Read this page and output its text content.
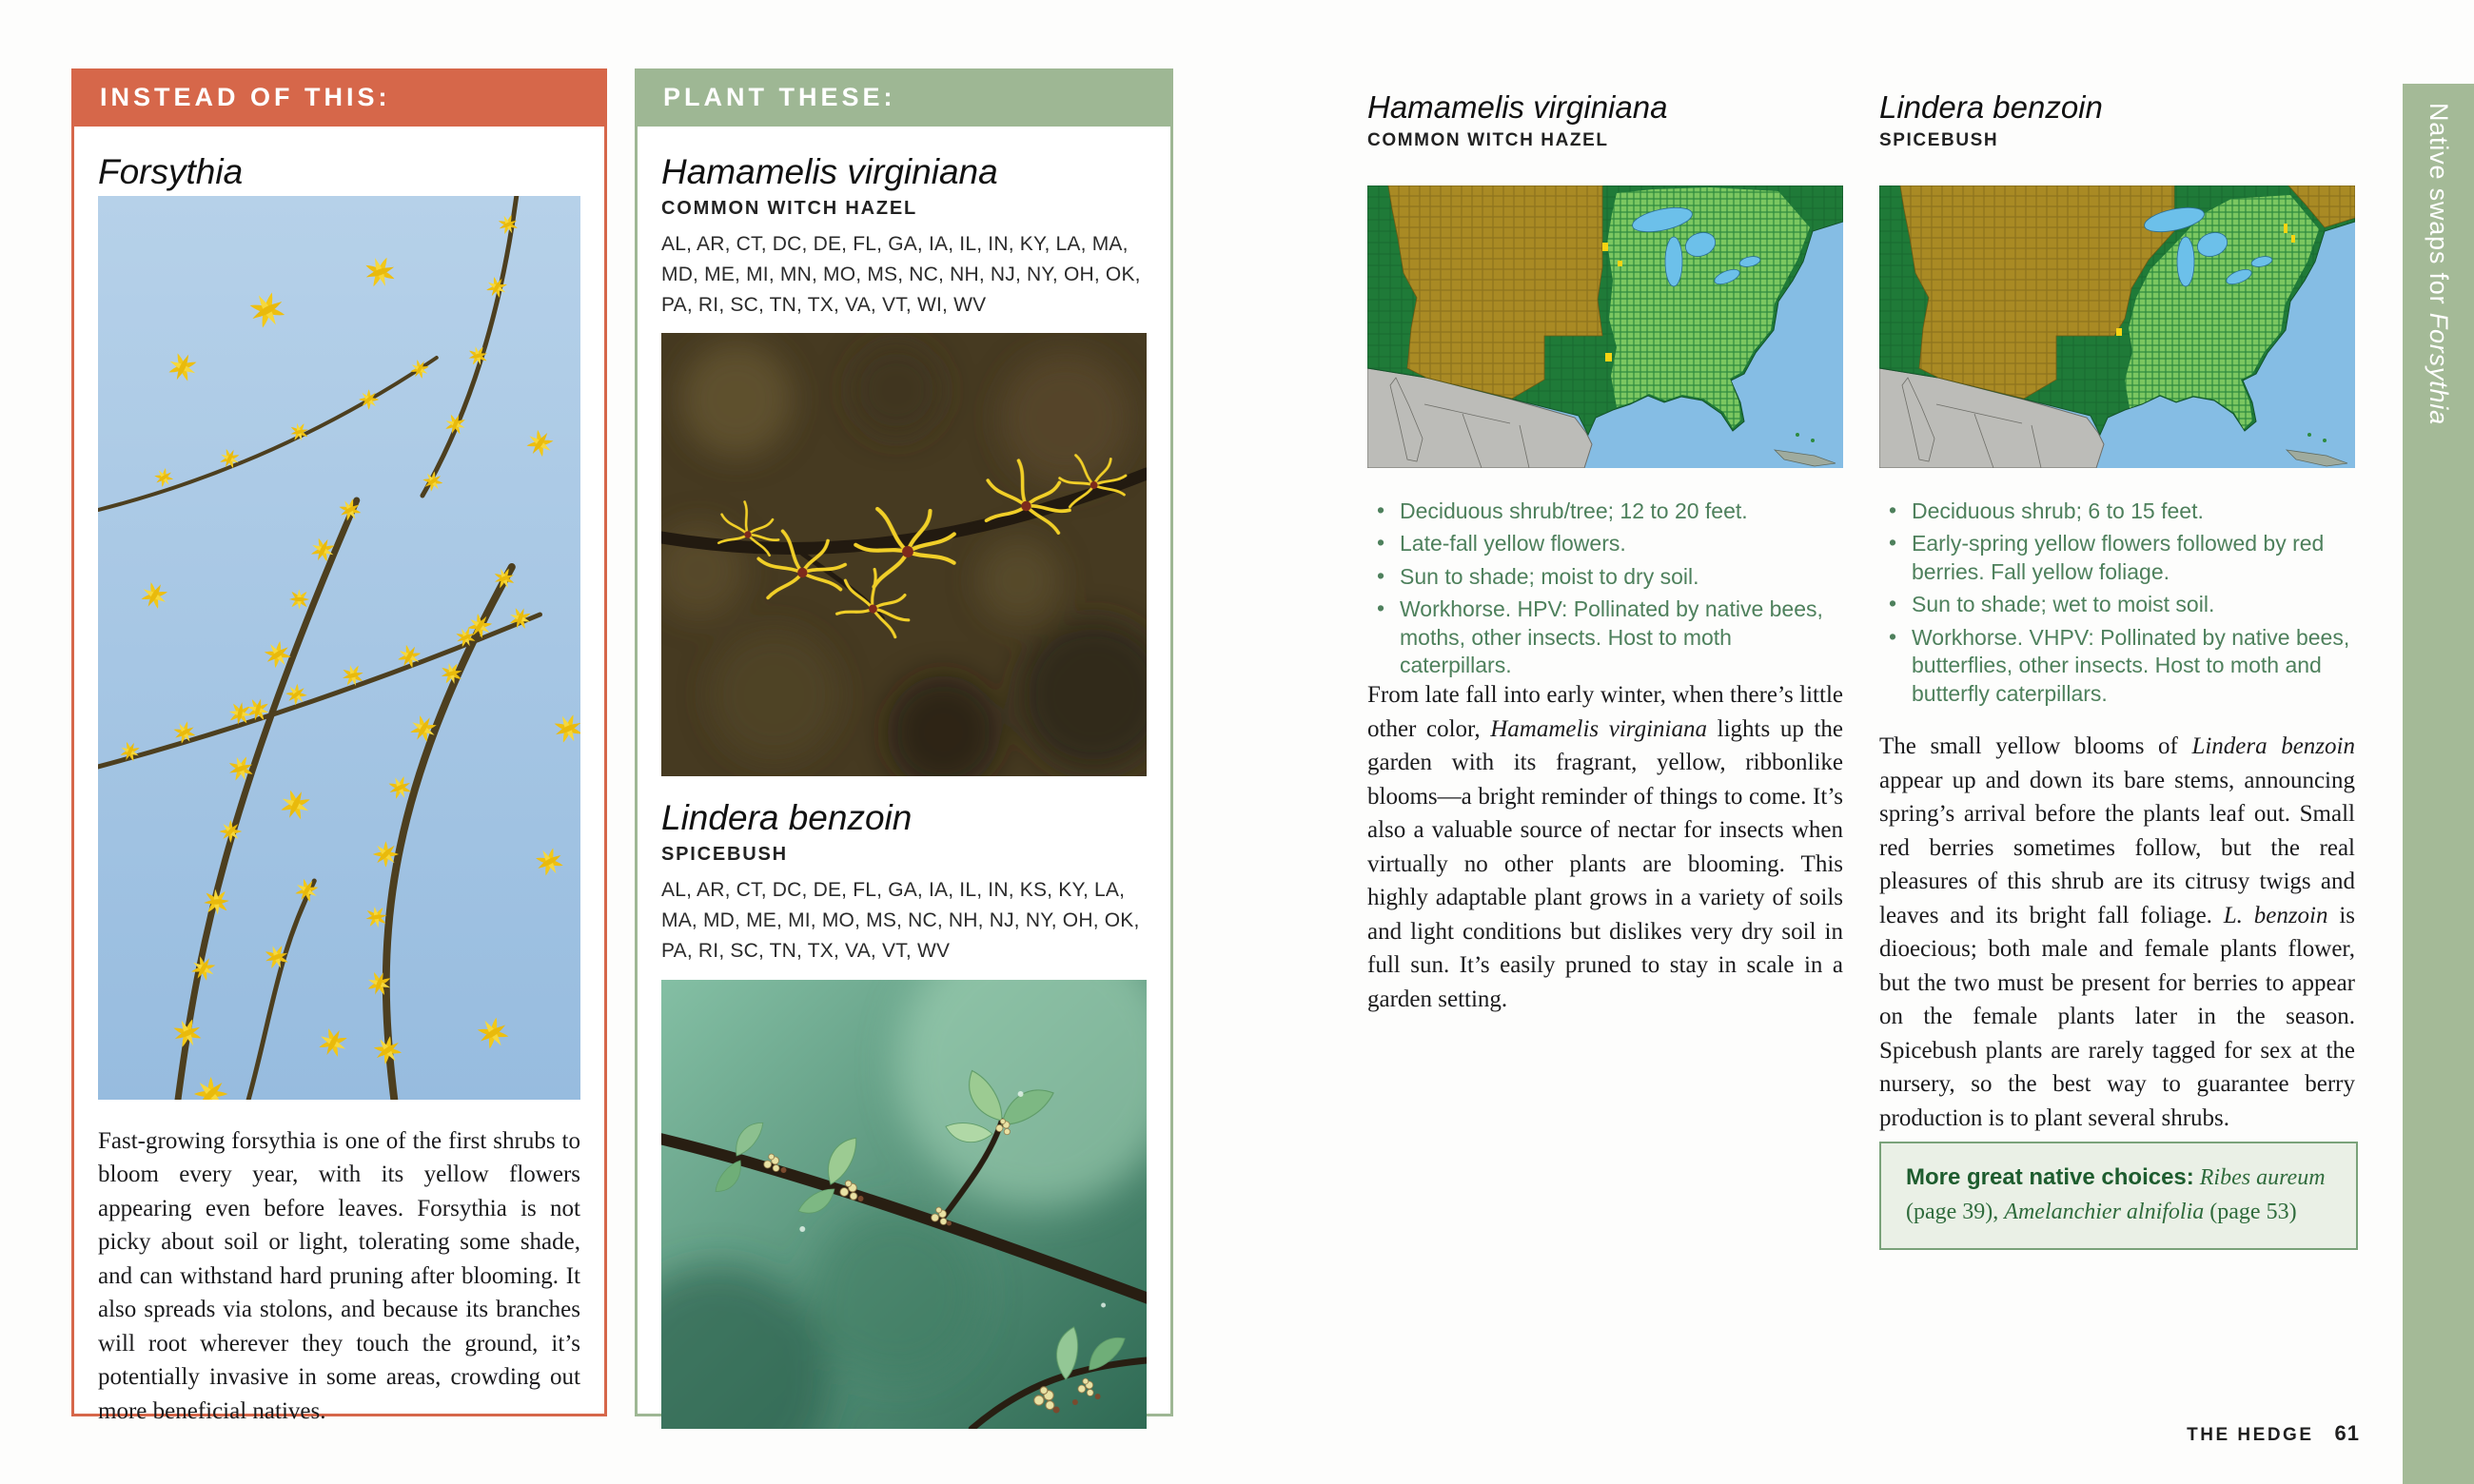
INSTEAD OF THIS:
Forsythia

Fast-growing forsythia is one of the first shrubs to bloom every year, with its yellow flowers appearing even before leaves. Forsythia is not picky about soil or light, tolerating some shade, and can withstand hard pruning after blooming. It also spreads via stolons, and because its branches will root wherever they touch the ground, it’s potentially invasive in some areas, crowding out more beneficial natives.

PLANT THESE:
Hamamelis virginiana
COMMON WITCH HAZEL
AL, AR, CT, DC, DE, FL, GA, IA, IL, IN, KY, LA, MA, MD, ME, MI, MN, MO, MS, NC, NH, NJ, NY, OH, OK, PA, RI, SC, TN, TX, VA, VT, WI, WV
Lindera benzoin
SPICEBUSH
AL, AR, CT, DC, DE, FL, GA, IA, IL, IN, KS, KY, LA, MA, MD, ME, MI, MO, MS, NC, NH, NJ, NY, OH, OK, PA, RI, SC, TN, TX, VA, VT, WV
Hamamelis virginiana
COMMON WITCH HAZEL
• Deciduous shrub/tree; 12 to 20 feet.
• Late-fall yellow flowers.
• Sun to shade; moist to dry soil.
• Workhorse. HPV: Pollinated by native bees, moths, other insects. Host to moth caterpillars.

From late fall into early winter, when there’s little other color, Hamamelis virginiana lights up the garden with its fragrant, yellow, ribbonlike blooms—a bright reminder of things to come. It’s also a valuable source of nectar for insects when virtually no other plants are blooming. This highly adaptable plant grows in a variety of soils and light conditions but dislikes very dry soil in full sun. It’s easily pruned to stay in scale in a garden setting.

Lindera benzoin
SPICEBUSH
• Deciduous shrub; 6 to 15 feet.
• Early-spring yellow flowers followed by red berries. Fall yellow foliage.
• Sun to shade; wet to moist soil.
• Workhorse. VHPV: Pollinated by native bees, butterflies, other insects. Host to moth and butterfly caterpillars.

The small yellow blooms of Lindera benzoin appear up and down its bare stems, announcing spring’s arrival before the plants leaf out. Small red berries sometimes follow, but the real pleasures of this shrub are its citrusy twigs and leaves and its bright fall foliage. L. benzoin is dioecious; both male and female plants flower, but the two must be present for berries to appear on the female plants later in the season. Spicebush plants are rarely tagged for sex at the nursery, so the best way to guarantee berry production is to plant several shrubs.

More great native choices: Ribes aureum (page 39), Amelanchier alnifolia (page 53)
THE HEDGE 61
Native swaps for Forsythia
